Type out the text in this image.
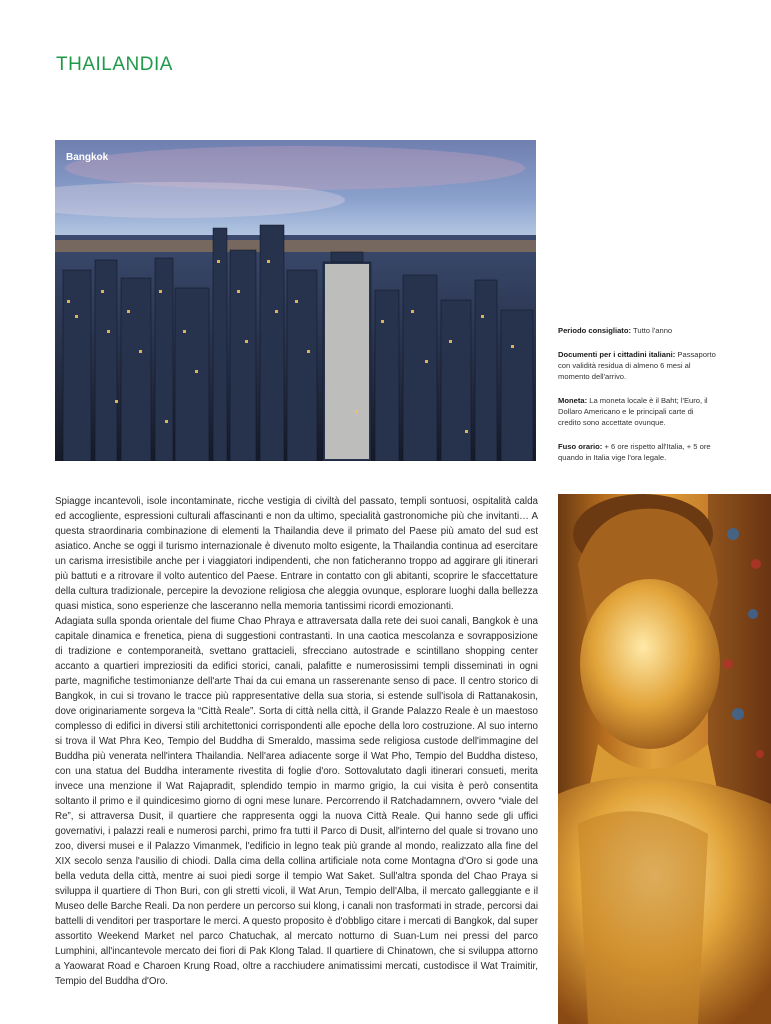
THAILANDIA
Bangkok

Periodo consigliato: Tutto l'anno

Documenti per i cittadini italiani: Passaporto con validità residua di almeno 6 mesi al momento dell'arrivo.

Moneta: La moneta locale è il Baht; l'Euro, il Dollaro Americano e le principali carte di credito sono accettate ovunque.

Fuso orario: + 6 ore rispetto all'Italia, + 5 ore quando in Italia vige l'ora legale.

Spiagge incantevoli, isole incontaminate, ricche vestigia di civiltà del passato, templi sontuosi, ospitalità calda ed accogliente, espressioni culturali affascinanti e non da ultimo, specialità gastronomiche più che invitanti… A questa straordinaria combinazione di elementi la Thailandia deve il primato del Paese più amato del sud est asiatico. Anche se oggi il turismo internazionale è divenuto molto esigente, la Thailandia continua ad esercitare un carisma irresistibile anche per i viaggiatori indipendenti, che non faticheranno troppo ad aggirare gli itinerari più battuti e a ritrovare il volto autentico del Paese. Entrare in contatto con gli abitanti, scoprire le sfaccettature della cultura tradizionale, percepire la devozione religiosa che aleggia ovunque, esplorare luoghi dalla bellezza quasi mistica, sono esperienze che lasceranno nella memoria tantissimi ricordi emozionanti.

Adagiata sulla sponda orientale del fiume Chao Phraya e attraversata dalla rete dei suoi canali, Bangkok è una capitale dinamica e frenetica, piena di suggestioni contrastanti. In una caotica mescolanza e sovrapposizione di tradizione e contemporaneità, svettano grattacieli, sfrecciano autostrade e scintillano shopping center accanto a quartieri impreziositi da edifici storici, canali, palafitte e numerosissimi templi disseminati in ogni parte, magnifiche testimonianze dell'arte Thai da cui emana un rasserenante senso di pace. Il centro storico di Bangkok, in cui si trovano le tracce più rappresentative della sua storia, si estende sull'isola di Rattanakosin, dove originariamente sorgeva la “Città Reale”. Sorta di città nella città, il Grande Palazzo Reale è un maestoso complesso di edifici in diversi stili architettonici corrispondenti alle epoche della loro costruzione. Al suo interno si trova il Wat Phra Keo, Tempio del Buddha di Smeraldo, massima sede religiosa custode dell'immagine del Buddha più venerata nell'intera Thailandia. Nell'area adiacente sorge il Wat Pho, Tempio del Buddha disteso, con una statua del Buddha interamente rivestita di foglie d'oro. Sottovalutato dagli itinerari consueti, merita invece una menzione il Wat Rajapradit, splendido tempio in marmo grigio, la cui visita è però consentita soltanto il primo e il quindicesimo giorno di ogni mese lunare. Percorrendo il Ratchadamnern, ovvero “viale del Re”, si attraversa Dusit, il quartiere che rappresenta oggi la nuova Città Reale. Qui hanno sede gli uffici governativi, i palazzi reali e numerosi parchi, primo fra tutti il Parco di Dusit, all'interno del quale si trovano uno zoo, diversi musei e il Palazzo Vimanmek, l'edificio in legno teak più grande al mondo, realizzato alla fine del XIX secolo senza l'ausilio di chiodi. Dalla cima della collina artificiale nota come Montagna d'Oro si gode una bella veduta della città, mentre ai suoi piedi sorge il tempio Wat Saket. Sull'altra sponda del Chao Praya si sviluppa il quartiere di Thon Buri, con gli stretti vicoli, il Wat Arun, Tempio dell'Alba, il mercato galleggiante e il Museo delle Barche Reali. Da non perdere un percorso sui klong, i canali non trasformati in strade, percorsi dai battelli di venditori per trasportare le merci. A questo proposito è d'obbligo citare i mercati di Bangkok, dal super assortito Weekend Market nel parco Chatuchak, al mercato notturno di Suan-Lum nei pressi del parco Lumphini, all'incantevole mercato dei fiori di Pak Klong Talad. Il quartiere di Chinatown, che si sviluppa attorno a Yaowarat Road e Charoen Krung Road, oltre a racchiudere animatissimi mercati, custodisce il Wat Traimitir, Tempio del Buddha d'Oro.
